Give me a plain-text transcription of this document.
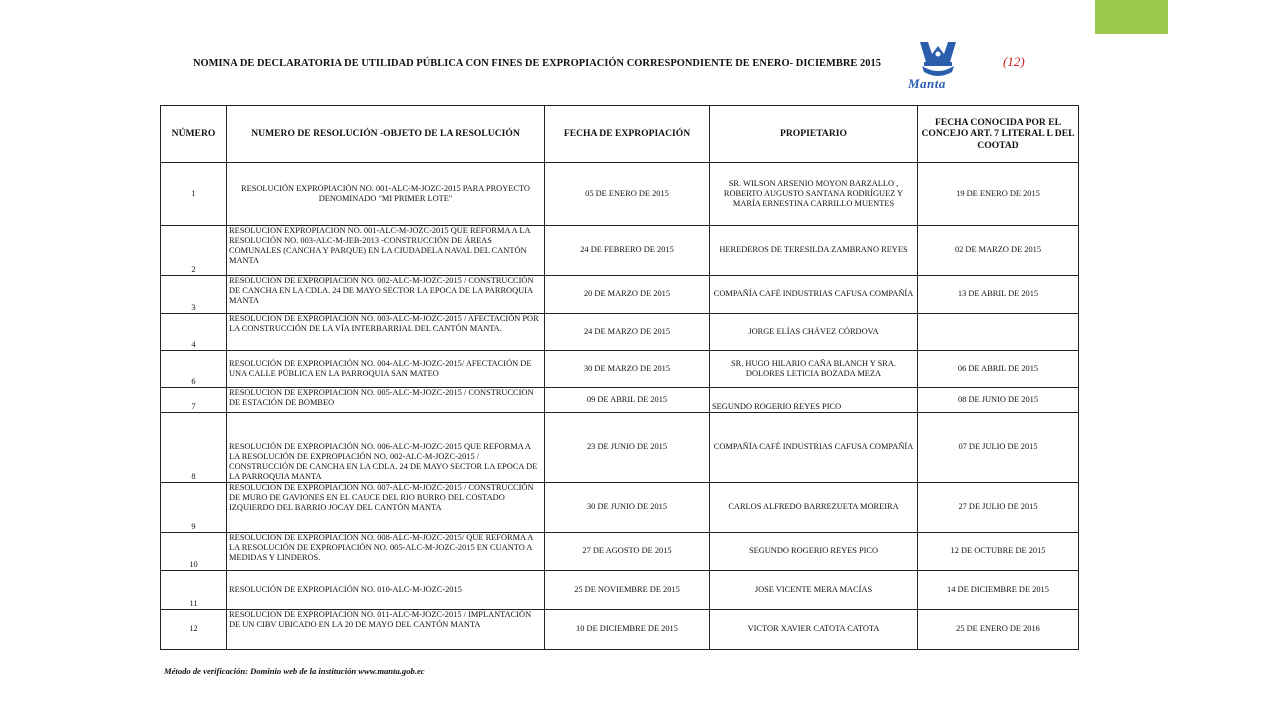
NOMINA DE DECLARATORIA DE UTILIDAD PÚBLICA CON FINES DE EXPROPIACIÓN CORRESPONDIENTE DE ENERO- DICIEMBRE 2015
Manta
(12)
NÚMERO	NUMERO DE RESOLUCIÓN -OBJETO DE LA RESOLUCIÓN	FECHA DE EXPROPIACIÓN	PROPIETARIO	FECHA CONOCIDA POR EL CONCEJO ART. 7 LITERAL L DEL COOTAD
1	RESOLUCIÓN EXPROPIACIÓN NO. 001-ALC-M-JOZC-2015 PARA PROYECTO DENOMINADO "MI PRIMER LOTE"	05 DE ENERO DE 2015	SR. WILSON ARSENIO MOYON BARZALLO , ROBERTO AUGUSTO SANTANA RODRÍGUEZ Y MARÍA ERNESTINA CARRILLO MUENTES	19 DE ENERO DE 2015
2	RESOLUCION EXPROPIACION NO. 001-ALC-M-JOZC-2015 QUE REFORMA A LA RESOLUCIÓN NO. 003-ALC-M-JEB-2013 -CONSTRUCCIÓN DE ÁREAS COMUNALES (CANCHA Y PARQUE) EN LA CIUDADELA NAVAL DEL CANTÓN MANTA	24 DE FEBRERO DE 2015	HEREDEROS DE TERESILDA ZAMBRANO REYES	02 DE MARZO DE 2015
3	RESOLUCION DE EXPROPIACION NO. 002-ALC-M-JOZC-2015 / CONSTRUCCIÓN DE CANCHA EN LA CDLA. 24 DE MAYO SECTOR LA EPOCA DE LA PARROQUIA MANTA	20 DE MARZO DE 2015	COMPAÑÍA CAFÉ INDUSTRIAS CAFUSA COMPAÑÍA	13 DE ABRIL DE 2015
4	RESOLUCION DE EXPROPIACION NO. 003-ALC-M-JOZC-2015 / AFECTACIÓN POR LA CONSTRUCCIÓN DE LA VÍA INTERBARRIAL DEL CANTÓN MANTA.	24 DE MARZO DE 2015	JORGE ELÍAS CHÁVEZ CÓRDOVA	
6	RESOLUCIÓN DE EXPROPIACIÓN NO. 004-ALC-M-JOZC-2015/ AFECTACIÓN DE UNA CALLE PÚBLICA EN LA PARROQUIA SAN MATEO	30 DE MARZO DE 2015	SR. HUGO HILARIO CAÑA BLANCH Y SRA. DOLORES LETICIA BOZADA MEZA	06 DE ABRIL DE 2015
7	RESOLUCION DE EXPROPIACION NO. 005-ALC-M-JOZC-2015 / CONSTRUCCION DE ESTACIÓN DE BOMBEO	09 DE ABRIL DE 2015	SEGUNDO ROGERIO REYES PICO	08 DE JUNIO DE 2015
8	RESOLUCIÓN DE EXPROPIACIÓN NO. 006-ALC-M-JOZC-2015 QUE REFORMA A LA RESOLUCIÓN DE EXPROPIACIÓN NO. 002-ALC-M-JOZC-2015 / CONSTRUCCIÓN DE CANCHA EN LA CDLA. 24 DE MAYO SECTOR LA EPOCA DE LA PARROQUIA MANTA	23 DE JUNIO DE 2015	COMPAÑÍA CAFÉ INDUSTRIAS CAFUSA COMPAÑÍA	07 DE JULIO DE 2015
9	RESOLUCION DE EXPROPIACION NO. 007-ALC-M-JOZC-2015 / CONSTRUCCIÓN DE MURO DE GAVIONES EN EL CAUCE DEL RIO BURRO DEL COSTADO IZQUIERDO DEL BARRIO JOCAY DEL CANTÓN MANTA	30 DE JUNIO DE 2015	CARLOS ALFREDO BARREZUETA MOREIRA	27 DE JULIO DE 2015
10	RESOLUCION DE EXPROPIACION NO. 008-ALC-M-JOZC-2015/ QUE REFORMA A LA RESOLUCIÓN DE EXPROPIACIÓN NO. 005-ALC-M-JOZC-2015 EN CUANTO A MEDIDAS Y LINDEROS.	27 DE AGOSTO DE 2015	SEGUNDO ROGERIO REYES PICO	12 DE OCTUBRE DE 2015
11	RESOLUCIÓN DE EXPROPIACIÓN NO. 010-ALC-M-JOZC-2015	25 DE NOVIEMBRE DE 2015	JOSE VICENTE MERA MACÍAS	14 DE DICIEMBRE DE 2015
12	RESOLUCION DE EXPROPIACION NO. 011-ALC-M-JOZC-2015 / IMPLANTACIÓN DE UN CIBV UBICADO EN LA 20 DE MAYO DEL CANTÓN MANTA	10 DE DICIEMBRE DE 2015	VICTOR XAVIER CATOTA CATOTA	25 DE ENERO DE 2016
Método de verificación: Dominio web de la institución www.manta.gob.ec
